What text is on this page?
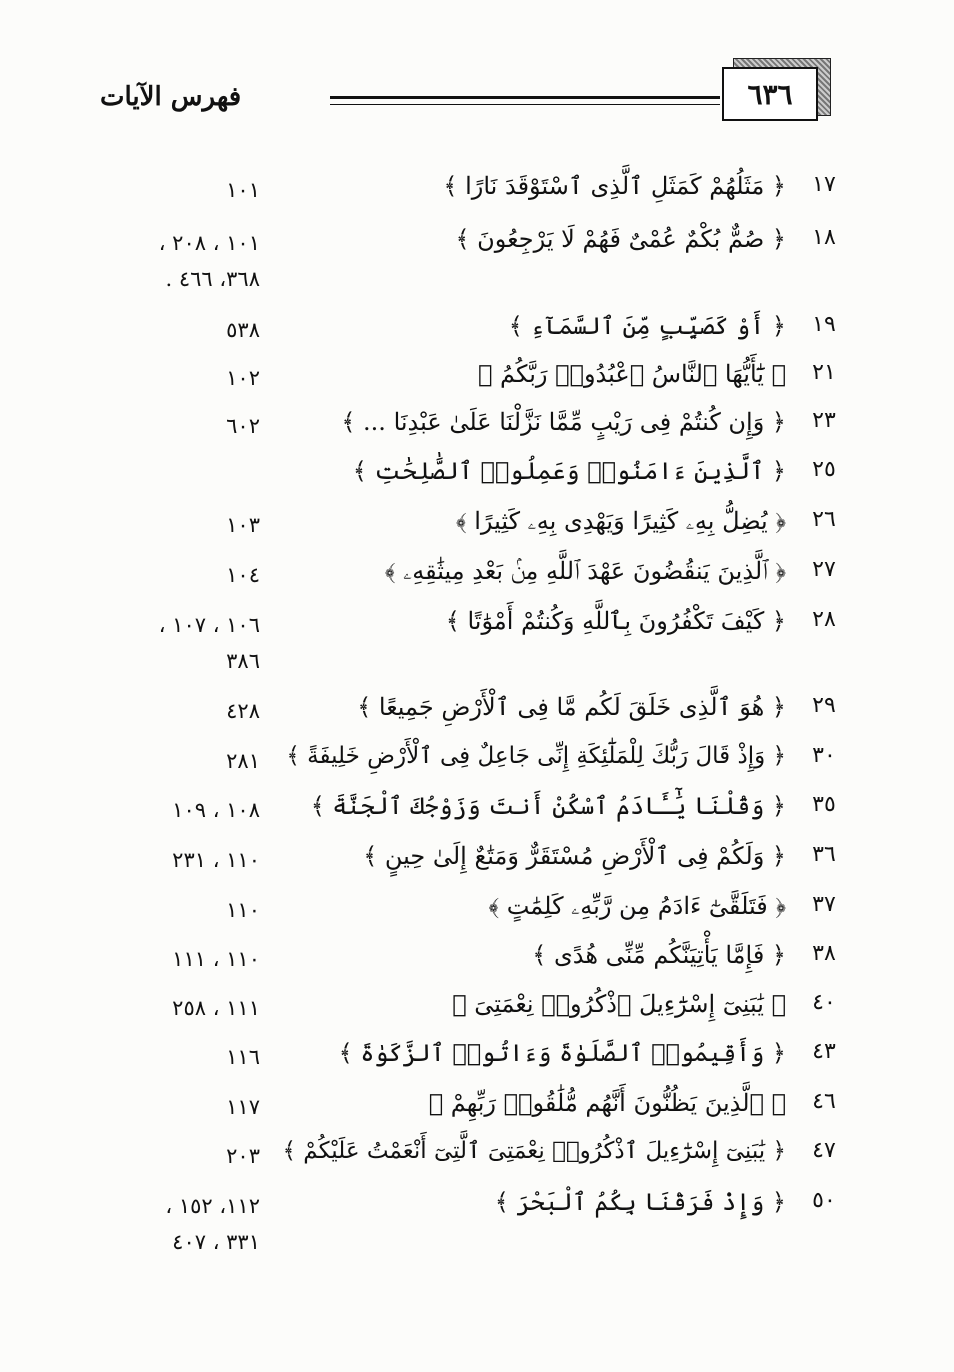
فهرس الآيات	٦٣٦
١٧
﴿ مَثَلُهُمْ كَمَثَلِ ٱلَّذِى ٱسْتَوْقَدَ نَارًا ﴾
١٠١
١٨
﴿ صُمٌّ بُكْمٌ عُمْىٌ فَهُمْ لَا يَرْجِعُونَ ﴾
١٠١ ، ٢٠٨ ،
٣٦٨، ٤٦٦ .
١٩
﴿ أَوْ كَصَيِّبٍ مِّنَ ٱلسَّمَآءِ ﴾
٥٣٨
٢١
﴿ يَٰٓأَيُّهَا ٱلنَّاسُ ٱعْبُدُوا۟ رَبَّكُمُ ﴾
١٠٢
٢٣
﴿ وَإِن كُنتُمْ فِى رَيْبٍ مِّمَّا نَزَّلْنَا عَلَىٰ عَبْدِنَا ... ﴾
٦٠٢
٢٥
﴿ ٱلَّذِينَ ءَامَنُوا۟ وَعَمِلُوا۟ ٱلصَّٰلِحَٰتِ ﴾
٢٦
﴿ يُضِلُّ بِهِۦ كَثِيرًا وَيَهْدِى بِهِۦ كَثِيرًا ﴾
١٠٣
٢٧
﴿ ٱلَّذِينَ يَنقُضُونَ عَهْدَ ٱللَّهِ مِنۢ بَعْدِ مِيثَٰقِهِۦ ﴾
١٠٤
٢٨
﴿ كَيْفَ تَكْفُرُونَ بِٱللَّهِ وَكُنتُمْ أَمْوَٰتًا ﴾
١٠٦ ، ١٠٧ ،
٣٨٦
٢٩
﴿ هُوَ ٱلَّذِى خَلَقَ لَكُم مَّا فِى ٱلْأَرْضِ جَمِيعًا ﴾
٤٢٨
٣٠
﴿ وَإِذْ قَالَ رَبُّكَ لِلْمَلَٰٓئِكَةِ إِنِّى جَاعِلٌ فِى ٱلْأَرْضِ خَلِيفَةً ﴾
٢٨١
٣٥
﴿ وَقُلْنَا يَٰٓـَٔادَمُ ٱسْكُنْ أَنتَ وَزَوْجُكَ ٱلْجَنَّةَ ﴾
١٠٨ ، ١٠٩
٣٦
﴿ وَلَكُمْ فِى ٱلْأَرْضِ مُسْتَقَرٌّ وَمَتَٰعٌ إِلَىٰ حِينٍ ﴾
١١٠ ، ٢٣١
٣٧
﴿ فَتَلَقَّىٰٓ ءَادَمُ مِن رَّبِّهِۦ كَلِمَٰتٍ ﴾
١١٠
٣٨
﴿ فَإِمَّا يَأْتِيَنَّكُم مِّنِّى هُدًى ﴾
١١٠ ، ١١١
٤٠
﴿ يَٰبَنِىٓ إِسْرَٰٓءِيلَ ٱذْكُرُوا۟ نِعْمَتِىَ ﴾
١١١ ، ٢٥٨
٤٣
﴿ وَأَقِيمُوا۟ ٱلصَّلَوٰةَ وَءَاتُوا۟ ٱلزَّكَوٰةَ ﴾
١١٦
٤٦
﴿ ٱلَّذِينَ يَظُنُّونَ أَنَّهُم مُّلَٰقُوا۟ رَبِّهِمْ ﴾
١١٧
٤٧
﴿ يَٰبَنِىٓ إِسْرَٰٓءِيلَ ٱذْكُرُوا۟ نِعْمَتِىَ ٱلَّتِىٓ أَنْعَمْتُ عَلَيْكُمْ ﴾
٢٠٣
٥٠
﴿ وَإِذْ فَرَقْنَا بِكُمُ ٱلْبَحْرَ ﴾
١١٢، ١٥٢ ،
٣٣١ ، ٤٠٧
